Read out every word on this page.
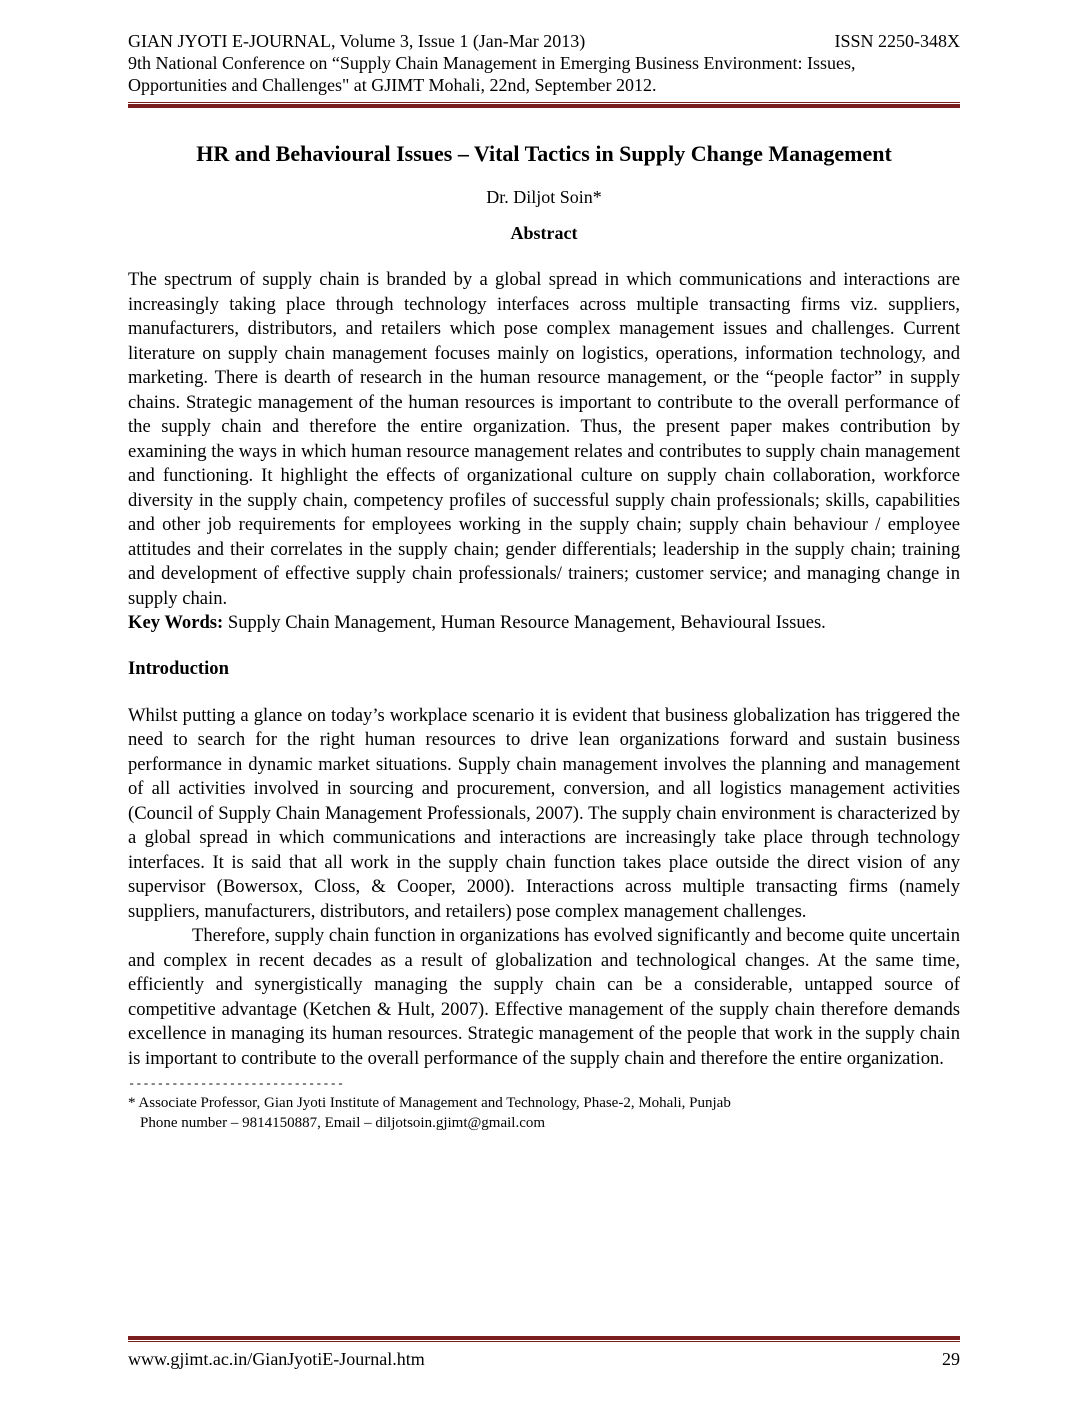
GIAN JYOTI E-JOURNAL, Volume 3, Issue 1 (Jan-Mar 2013)	ISSN 2250-348X
9th National Conference on “Supply Chain Management in Emerging Business Environment: Issues,
Opportunities and Challenges" at GJIMT Mohali, 22nd, September 2012.
HR and Behavioural Issues – Vital Tactics in Supply Change Management
Dr. Diljot Soin*
Abstract

The spectrum of supply chain is branded by a global spread in which communications and interactions are increasingly taking place through technology interfaces across multiple transacting firms viz. suppliers, manufacturers, distributors, and retailers which pose complex management issues and challenges. Current literature on supply chain management focuses mainly on logistics, operations, information technology, and marketing. There is dearth of research in the human resource management, or the “people factor” in supply chains. Strategic management of the human resources is important to contribute to the overall performance of the supply chain and therefore the entire organization. Thus, the present paper makes contribution by examining the ways in which human resource management relates and contributes to supply chain management and functioning. It highlight the effects of organizational culture on supply chain collaboration, workforce diversity in the supply chain, competency profiles of successful supply chain professionals; skills, capabilities and other job requirements for employees working in the supply chain; supply chain behaviour / employee attitudes and their correlates in the supply chain; gender differentials; leadership in the supply chain; training and development of effective supply chain professionals/ trainers; customer service; and managing change in supply chain.

Key Words: Supply Chain Management, Human Resource Management, Behavioural Issues.
Introduction

Whilst putting a glance on today’s workplace scenario it is evident that business globalization has triggered the need to search for the right human resources to drive lean organizations forward and sustain business performance in dynamic market situations. Supply chain management involves the planning and management of all activities involved in sourcing and procurement, conversion, and all logistics management activities (Council of Supply Chain Management Professionals, 2007). The supply chain environment is characterized by a global spread in which communications and interactions are increasingly take place through technology interfaces. It is said that all work in the supply chain function takes place outside the direct vision of any supervisor (Bowersox, Closs, & Cooper, 2000). Interactions across multiple transacting firms (namely suppliers, manufacturers, distributors, and retailers) pose complex management challenges.

Therefore, supply chain function in organizations has evolved significantly and become quite uncertain and complex in recent decades as a result of globalization and technological changes. At the same time, efficiently and synergistically managing the supply chain can be a considerable, untapped source of competitive advantage (Ketchen & Hult, 2007). Effective management of the supply chain therefore demands excellence in managing its human resources. Strategic management of the people that work in the supply chain is important to contribute to the overall performance of the supply chain and therefore the entire organization.

------------------------------
* Associate Professor, Gian Jyoti Institute of Management and Technology, Phase-2, Mohali, Punjab
Phone number – 9814150887, Email – diljotsoin.gjimt@gmail.com
www.gjimt.ac.in/GianJyotiE-Journal.htm	29
